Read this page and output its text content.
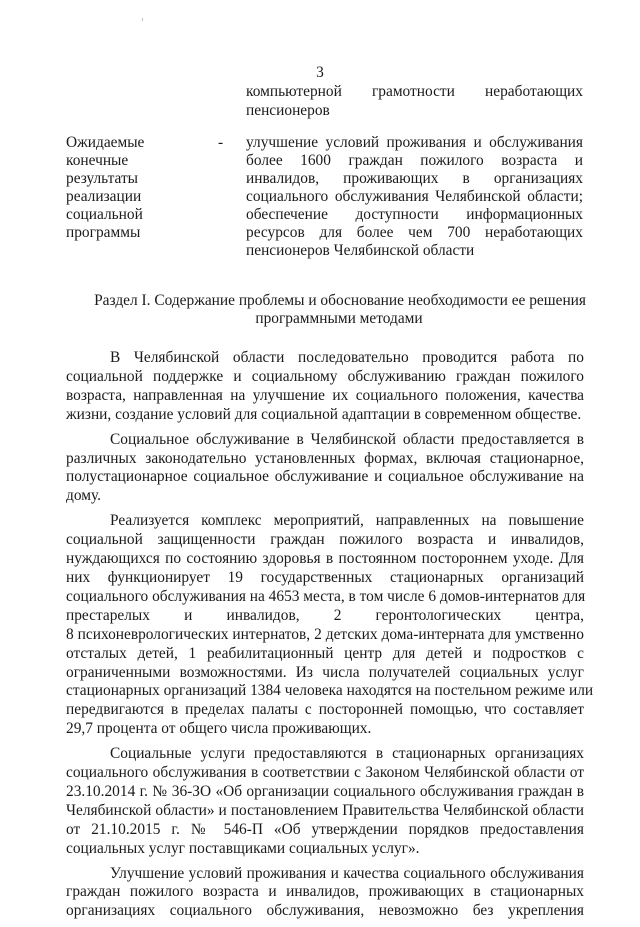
3
компьютерной грамотности неработающих
пенсионеров
Ожидаемые
конечные
результаты
реализации
социальной
программы
- улучшение условий проживания и обслуживания
более 1600 граждан пожилого возраста и
инвалидов, проживающих в организациях
социального обслуживания Челябинской области;
обеспечение доступности информационных
ресурсов для более чем 700 неработающих
пенсионеров Челябинской области
Раздел I. Содержание проблемы и обоснование необходимости ее решения
программными методами
В Челябинской области последовательно проводится работа по
социальной поддержке и социальному обслуживанию граждан пожилого
возраста, направленная на улучшение их социального положения, качества
жизни, создание условий для социальной адаптации в современном обществе.
Социальное обслуживание в Челябинской области предоставляется в
различных законодательно установленных формах, включая стационарное,
полустационарное социальное обслуживание и социальное обслуживание на
дому.
Реализуется комплекс мероприятий, направленных на повышение
социальной защищенности граждан пожилого возраста и инвалидов,
нуждающихся по состоянию здоровья в постоянном постороннем уходе. Для
них функционирует 19 государственных стационарных организаций
социального обслуживания на 4653 места, в том числе 6 домов-интернатов для
престарелых и инвалидов, 2 геронтологических центра,
8 психоневрологических интернатов, 2 детских дома-интерната для умственно
отсталых детей, 1 реабилитационный центр для детей и подростков с
ограниченными возможностями. Из числа получателей социальных услуг
стационарных организаций 1384 человека находятся на постельном режиме или
передвигаются в пределах палаты с посторонней помощью, что составляет
29,7 процента от общего числа проживающих.
Социальные услуги предоставляются в стационарных организациях
социального обслуживания в соответствии с Законом Челябинской области от
23.10.2014 г. № 36-ЗО «Об организации социального обслуживания граждан в
Челябинской области» и постановлением Правительства Челябинской области
от 21.10.2015 г. № 546-П «Об утверждении порядков предоставления
социальных услуг поставщиками социальных услуг».
Улучшение условий проживания и качества социального обслуживания
граждан пожилого возраста и инвалидов, проживающих в стационарных
организациях социального обслуживания, невозможно без укрепления
